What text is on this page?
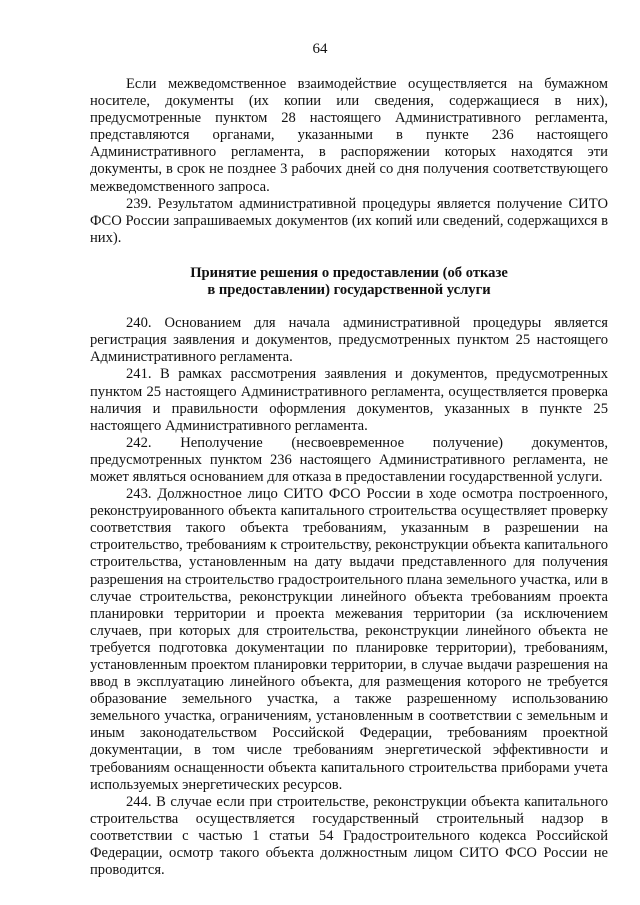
64

Если межведомственное взаимодействие осуществляется на бумажном носителе, документы (их копии или сведения, содержащиеся в них), предусмотренные пунктом 28 настоящего Административного регламента, представляются органами, указанными в пункте 236 настоящего Административного регламента, в распоряжении которых находятся эти документы, в срок не позднее 3 рабочих дней со дня получения соответствующего межведомственного запроса.

239. Результатом административной процедуры является получение СИТО ФСО России запрашиваемых документов (их копий или сведений, содержащихся в них).

Принятие решения о предоставлении (об отказе
в предоставлении) государственной услуги

240. Основанием для начала административной процедуры является регистрация заявления и документов, предусмотренных пунктом 25 настоящего Административного регламента.

241. В рамках рассмотрения заявления и документов, предусмотренных пунктом 25 настоящего Административного регламента, осуществляется проверка наличия и правильности оформления документов, указанных в пункте 25 настоящего Административного регламента.

242. Неполучение (несвоевременное получение) документов, предусмотренных пунктом 236 настоящего Административного регламента, не может являться основанием для отказа в предоставлении государственной услуги.

243. Должностное лицо СИТО ФСО России в ходе осмотра построенного, реконструированного объекта капитального строительства осуществляет проверку соответствия такого объекта требованиям, указанным в разрешении на строительство, требованиям к строительству, реконструкции объекта капитального строительства, установленным на дату выдачи представленного для получения разрешения на строительство градостроительного плана земельного участка, или в случае строительства, реконструкции линейного объекта требованиям проекта планировки территории и проекта межевания территории (за исключением случаев, при которых для строительства, реконструкции линейного объекта не требуется подготовка документации по планировке территории), требованиям, установленным проектом планировки территории, в случае выдачи разрешения на ввод в эксплуатацию линейного объекта, для размещения которого не требуется образование земельного участка, а также разрешенному использованию земельного участка, ограничениям, установленным в соответствии с земельным и иным законодательством Российской Федерации, требованиям проектной документации, в том числе требованиям энергетической эффективности и требованиям оснащенности объекта капитального строительства приборами учета используемых энергетических ресурсов.

244. В случае если при строительстве, реконструкции объекта капитального строительства осуществляется государственный строительный надзор в соответствии с частью 1 статьи 54 Градостроительного кодекса Российской Федерации, осмотр такого объекта должностным лицом СИТО ФСО России не проводится.
